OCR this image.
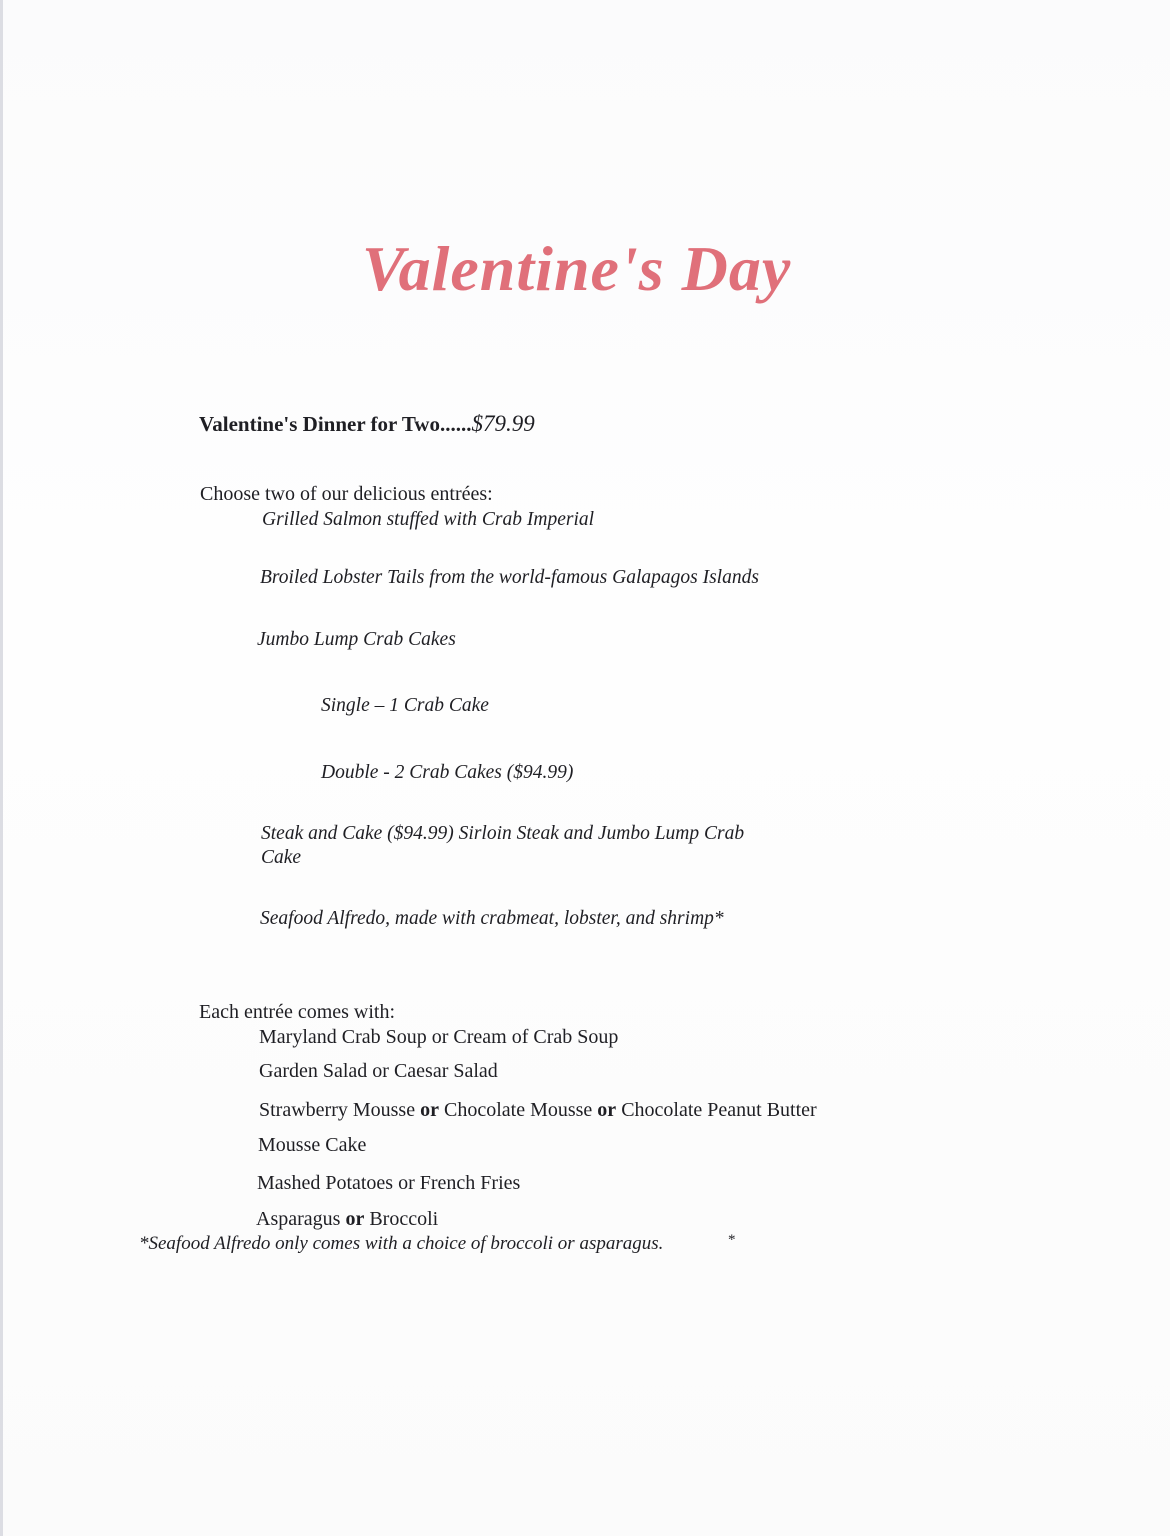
Valentine's Day
Valentine's Dinner for Two......$79.99
Choose two of our delicious entrées:
Grilled Salmon stuffed with Crab Imperial
Broiled Lobster Tails from the world-famous Galapagos Islands
Jumbo Lump Crab Cakes
Single – 1 Crab Cake
Double - 2 Crab Cakes ($94.99)
Steak and Cake ($94.99) Sirloin Steak and Jumbo Lump Crab
Cake
Seafood Alfredo, made with crabmeat, lobster, and shrimp*
Each entrée comes with:
Maryland Crab Soup or Cream of Crab Soup
Garden Salad or Caesar Salad
Strawberry Mousse or Chocolate Mousse or Chocolate Peanut Butter
Mousse Cake
Mashed Potatoes or French Fries
Asparagus or Broccoli
*Seafood Alfredo only comes with a choice of broccoli or asparagus.	*
